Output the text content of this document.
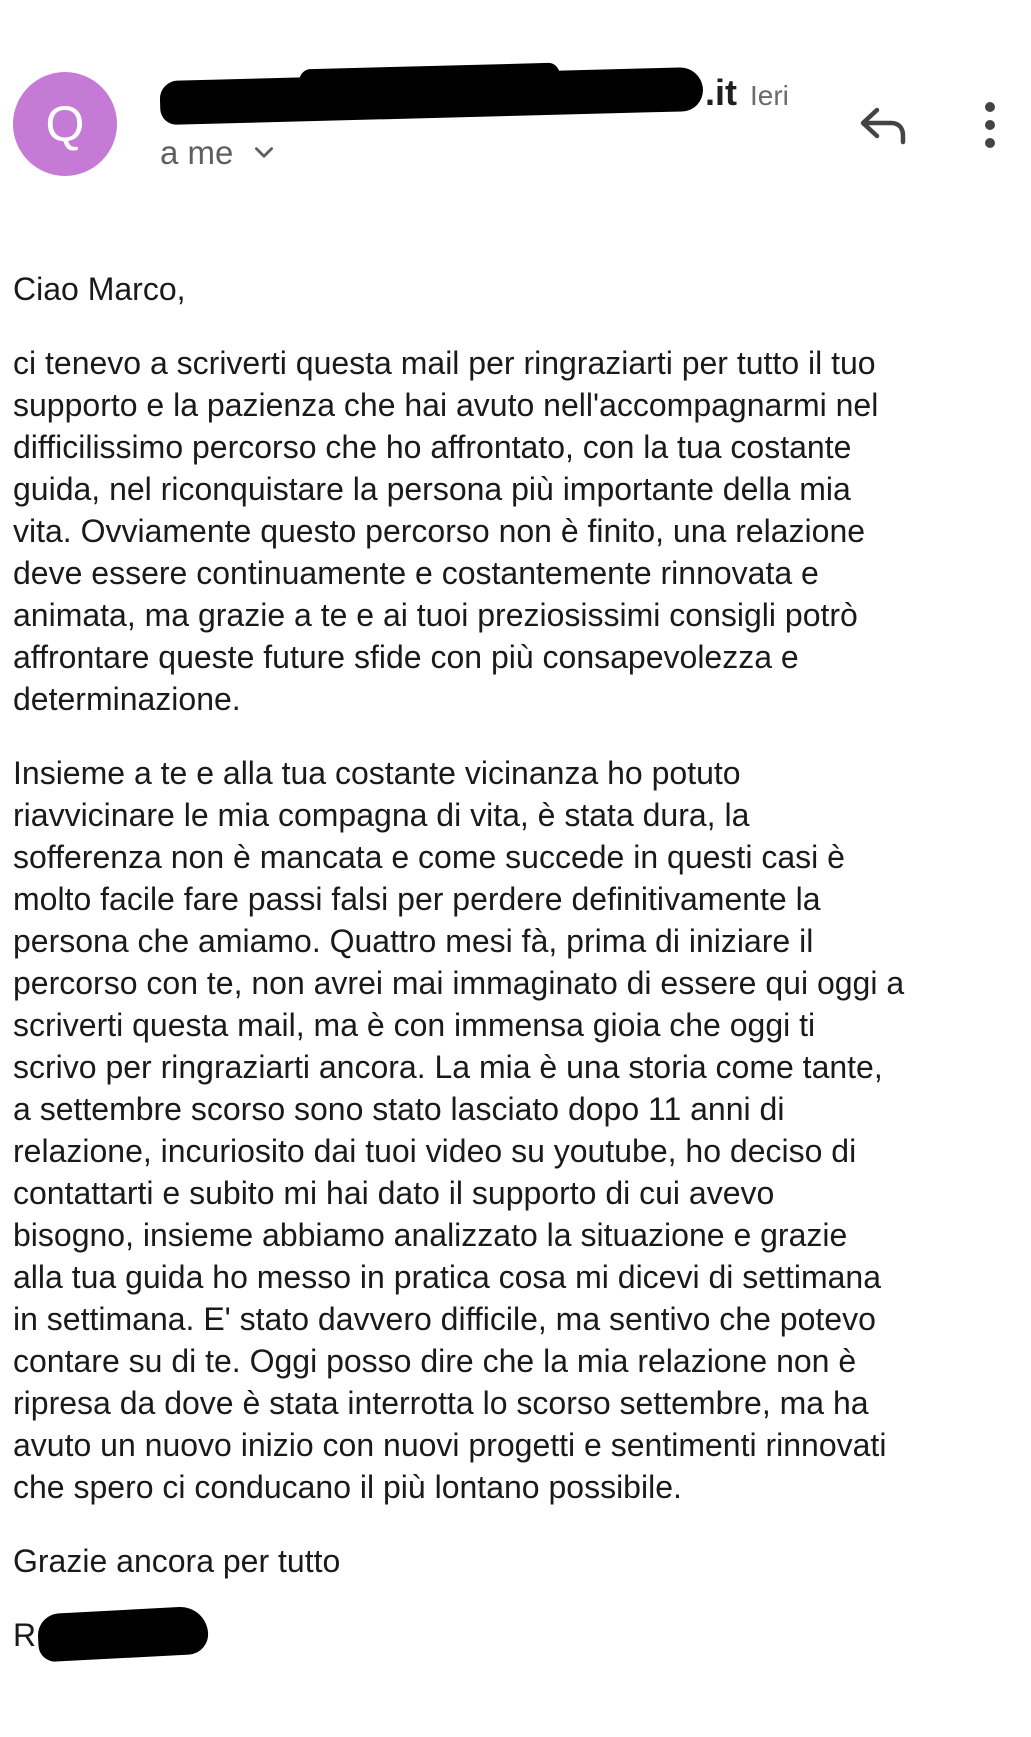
Q
.it Ieri
a me

Ciao Marco,

ci tenevo a scriverti questa mail per ringraziarti per tutto il tuo
supporto e la pazienza che hai avuto nell'accompagnarmi nel
difficilissimo percorso che ho affrontato, con la tua costante
guida, nel riconquistare la persona più importante della mia
vita. Ovviamente questo percorso non è finito, una relazione
deve essere continuamente e costantemente rinnovata e
animata, ma grazie a te e ai tuoi preziosissimi consigli potrò
affrontare queste future sfide con più consapevolezza e
determinazione.

Insieme a te e alla tua costante vicinanza ho potuto
riavvicinare le mia compagna di vita, è stata dura, la
sofferenza non è mancata e come succede in questi casi è
molto facile fare passi falsi per perdere definitivamente la
persona che amiamo. Quattro mesi fà, prima di iniziare il
percorso con te, non avrei mai immaginato di essere qui oggi a
scriverti questa mail, ma è con immensa gioia che oggi ti
scrivo per ringraziarti ancora. La mia è una storia come tante,
a settembre scorso sono stato lasciato dopo 11 anni di
relazione, incuriosito dai tuoi video su youtube, ho deciso di
contattarti e subito mi hai dato il supporto di cui avevo
bisogno, insieme abbiamo analizzato la situazione e grazie
alla tua guida ho messo in pratica cosa mi dicevi di settimana
in settimana. E' stato davvero difficile, ma sentivo che potevo
contare su di te. Oggi posso dire che la mia relazione non è
ripresa da dove è stata interrotta lo scorso settembre, ma ha
avuto un nuovo inizio con nuovi progetti e sentimenti rinnovati
che spero ci conducano il più lontano possibile.

Grazie ancora per tutto

R
